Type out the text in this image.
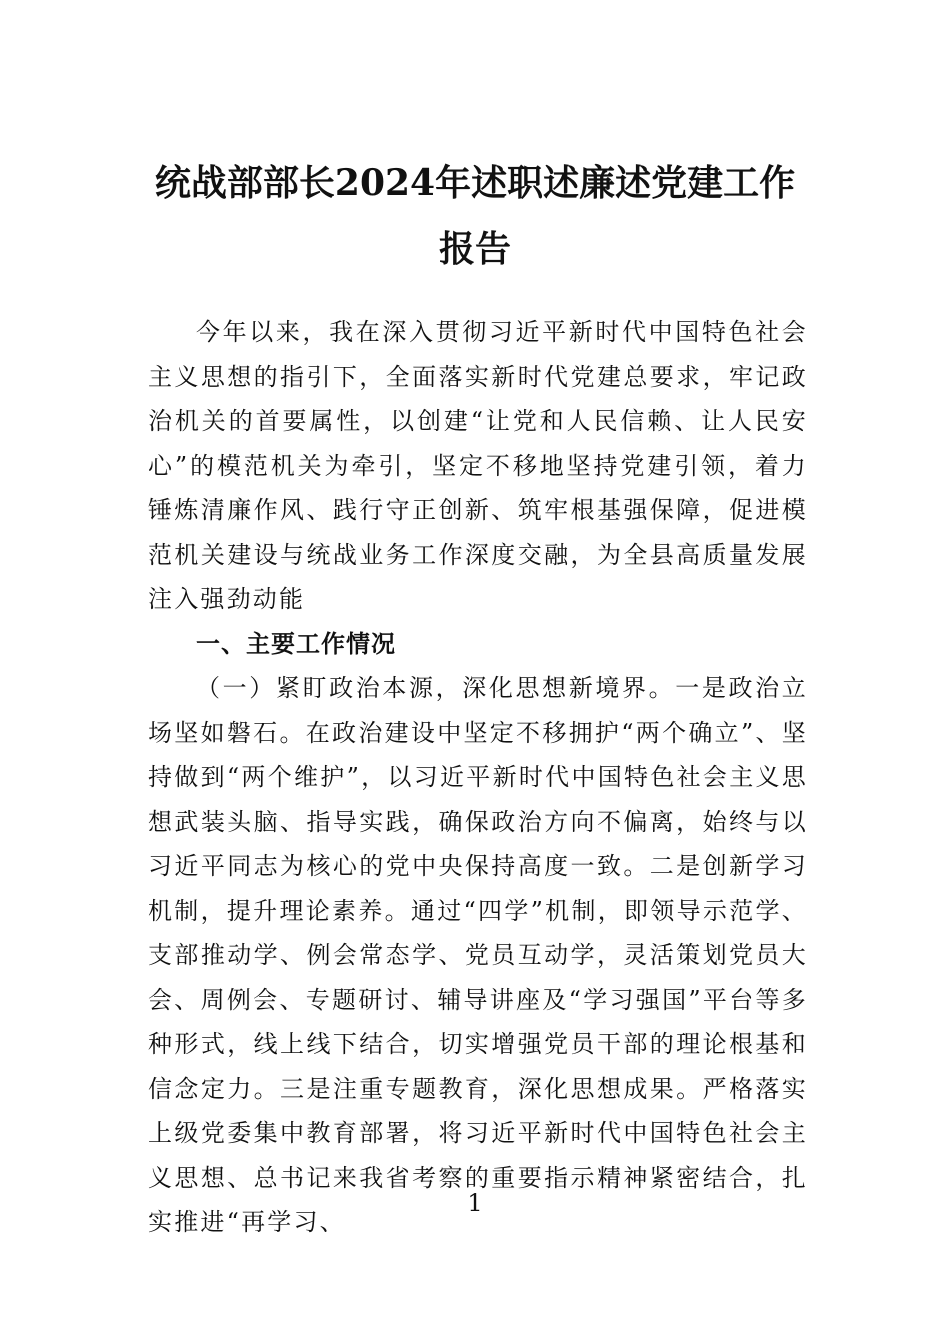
统战部部长2024年述职述廉述党建工作报告

今年以来，我在深入贯彻习近平新时代中国特色社会主义思想的指引下，全面落实新时代党建总要求，牢记政治机关的首要属性，以创建“让党和人民信赖、让人民安心”的模范机关为牵引，坚定不移地坚持党建引领，着力锤炼清廉作风、践行守正创新、筑牢根基强保障，促进模范机关建设与统战业务工作深度交融，为全县高质量发展注入强劲动能

一、主要工作情况

（一）紧盯政治本源，深化思想新境界。一是政治立场坚如磐石。在政治建设中坚定不移拥护“两个确立”、坚持做到“两个维护”，以习近平新时代中国特色社会主义思想武装头脑、指导实践，确保政治方向不偏离，始终与以习近平同志为核心的党中央保持高度一致。二是创新学习机制，提升理论素养。通过“四学”机制，即领导示范学、支部推动学、例会常态学、党员互动学，灵活策划党员大会、周例会、专题研讨、辅导讲座及“学习强国”平台等多种形式，线上线下结合，切实增强党员干部的理论根基和信念定力。三是注重专题教育，深化思想成果。严格落实上级党委集中教育部署，将习近平新时代中国特色社会主义思想、总书记来我省考察的重要指示精神紧密结合，扎实推进“再学习、

1
